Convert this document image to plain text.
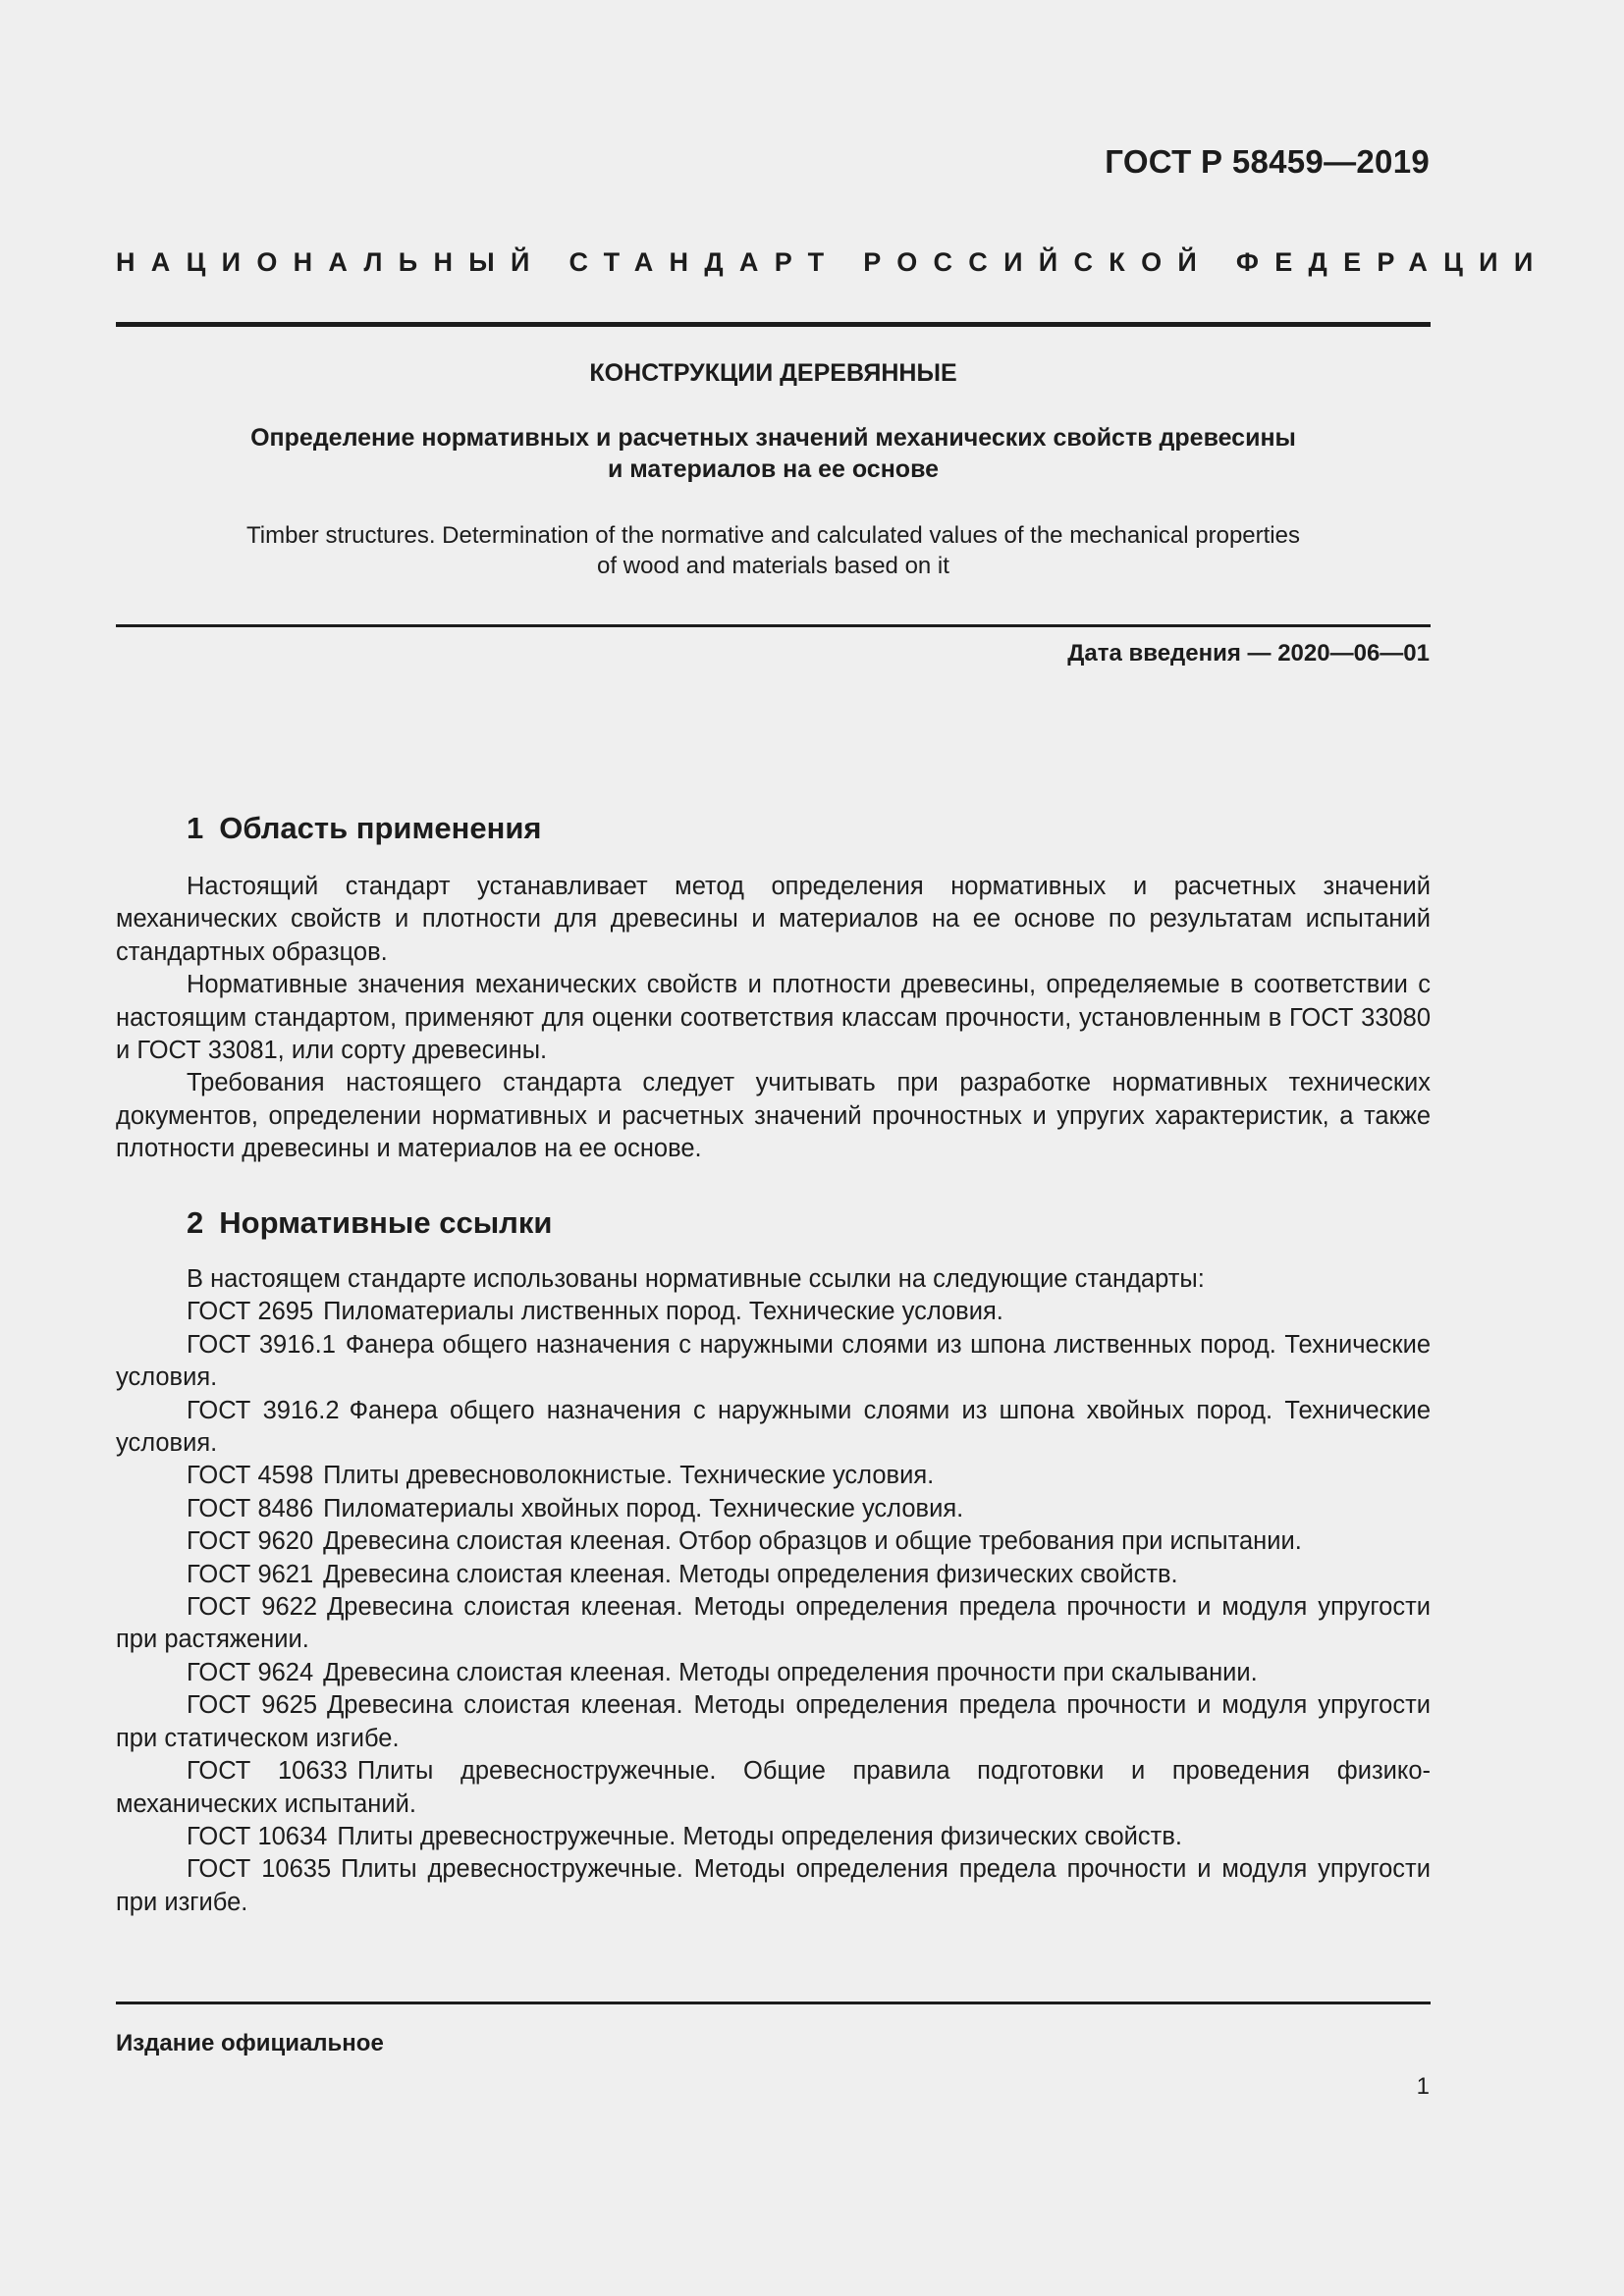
ГОСТ Р 58459—2019
НАЦИОНАЛЬНЫЙ СТАНДАРТ РОССИЙСКОЙ ФЕДЕРАЦИИ
КОНСТРУКЦИИ ДЕРЕВЯННЫЕ
Определение нормативных и расчетных значений механических свойств древесины
и материалов на ее основе
Timber structures. Determination of the normative and calculated values of the mechanical properties
of wood and materials based on it
Дата введения — 2020—06—01
1 Область применения

Настоящий стандарт устанавливает метод определения нормативных и расчетных значений механических свойств и плотности для древесины и материалов на ее основе по результатам испытаний стандартных образцов.

Нормативные значения механических свойств и плотности древесины, определяемые в соответствии с настоящим стандартом, применяют для оценки соответствия классам прочности, установленным в ГОСТ 33080 и ГОСТ 33081, или сорту древесины.

Требования настоящего стандарта следует учитывать при разработке нормативных технических документов, определении нормативных и расчетных значений прочностных и упругих характеристик, а также плотности древесины и материалов на ее основе.

2 Нормативные ссылки

В настоящем стандарте использованы нормативные ссылки на следующие стандарты:

ГОСТ 2695 Пиломатериалы лиственных пород. Технические условия.

ГОСТ 3916.1 Фанера общего назначения с наружными слоями из шпона лиственных пород. Технические условия.

ГОСТ 3916.2 Фанера общего назначения с наружными слоями из шпона хвойных пород. Технические условия.

ГОСТ 4598 Плиты древесноволокнистые. Технические условия.

ГОСТ 8486 Пиломатериалы хвойных пород. Технические условия.

ГОСТ 9620 Древесина слоистая клееная. Отбор образцов и общие требования при испытании.

ГОСТ 9621 Древесина слоистая клееная. Методы определения физических свойств.

ГОСТ 9622 Древесина слоистая клееная. Методы определения предела прочности и модуля упругости при растяжении.

ГОСТ 9624 Древесина слоистая клееная. Методы определения прочности при скалывании.

ГОСТ 9625 Древесина слоистая клееная. Методы определения предела прочности и модуля упругости при статическом изгибе.

ГОСТ 10633 Плиты древесностружечные. Общие правила подготовки и проведения физико-механических испытаний.

ГОСТ 10634 Плиты древесностружечные. Методы определения физических свойств.

ГОСТ 10635 Плиты древесностружечные. Методы определения предела прочности и модуля упругости при изгибе.

Издание официальное
1
